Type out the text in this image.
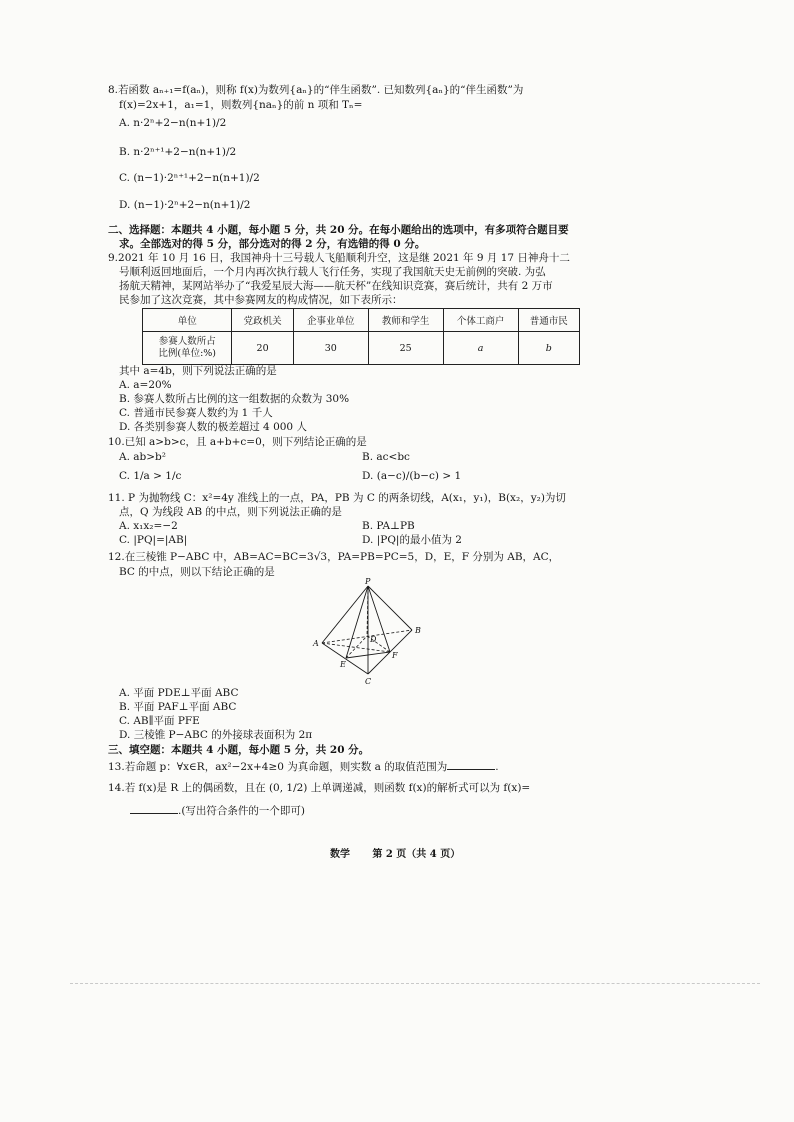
8.若函数 aₙ₊₁=f(aₙ)，则称 f(x)为数列{aₙ}的“伴生函数”. 已知数列{aₙ}的“伴生函数”为
f(x)=2x+1，a₁=1，则数列{naₙ}的前 n 项和 Tₙ=
A. n·2ⁿ+2−n(n+1)/2
B. n·2ⁿ⁺¹+2−n(n+1)/2
C. (n−1)·2ⁿ⁺¹+2−n(n+1)/2
D. (n−1)·2ⁿ+2−n(n+1)/2
二、选择题：本题共 4 小题，每小题 5 分，共 20 分。在每小题给出的选项中，有多项符合题目要
求。全部选对的得 5 分，部分选对的得 2 分，有选错的得 0 分。
9.2021 年 10 月 16 日，我国神舟十三号载人飞船顺利升空，这是继 2021 年 9 月 17 日神舟十二
号顺利返回地面后，一个月内再次执行载人飞行任务，实现了我国航天史无前例的突破. 为弘
扬航天精神，某网站举办了“我爱星辰大海——航天杯”在线知识竞赛，赛后统计，共有 2 万市
民参加了这次竞赛，其中参赛网友的构成情况，如下表所示：
单位	党政机关	企事业单位	教师和学生	个体工商户	普通市民
参赛人数所占
比例(单位:%)	20	30	25	a	b
其中 a=4b，则下列说法正确的是
A. a=20%
B. 参赛人数所占比例的这一组数据的众数为 30%
C. 普通市民参赛人数约为 1 千人
D. 各类别参赛人数的极差超过 4 000 人
10.已知 a>b>c，且 a+b+c=0，则下列结论正确的是
A. ab>b²	B. ac<bc
C. 1/a > 1/c	D. (a−c)/(b−c) > 1
11. P 为抛物线 C：x²=4y 准线上的一点，PA，PB 为 C 的两条切线，A(x₁，y₁)，B(x₂，y₂)为切
点，Q 为线段 AB 的中点，则下列说法正确的是
A. x₁x₂=−2	B. PA⊥PB
C. |PQ|=|AB|	D. |PQ|的最小值为 2
12.在三棱锥 P−ABC 中，AB=AC=BC=3√3，PA=PB=PC=5，D，E，F 分别为 AB，AC，
BC 的中点，则以下结论正确的是
P
A
B
C
D
E
F
A. 平面 PDE⊥平面 ABC
B. 平面 PAF⊥平面 ABC
C. AB∥平面 PFE
D. 三棱锥 P−ABC 的外接球表面积为 2π
三、填空题：本题共 4 小题，每小题 5 分，共 20 分。
13.若命题 p：∀x∈R，ax²−2x+4≥0 为真命题，则实数 a 的取值范围为	.
14.若 f(x)是 R 上的偶函数，且在 (0, 1/2) 上单调递减，则函数 f(x)的解析式可以为 f(x)=
.(写出符合条件的一个即可)
数学 第 2 页（共 4 页）
